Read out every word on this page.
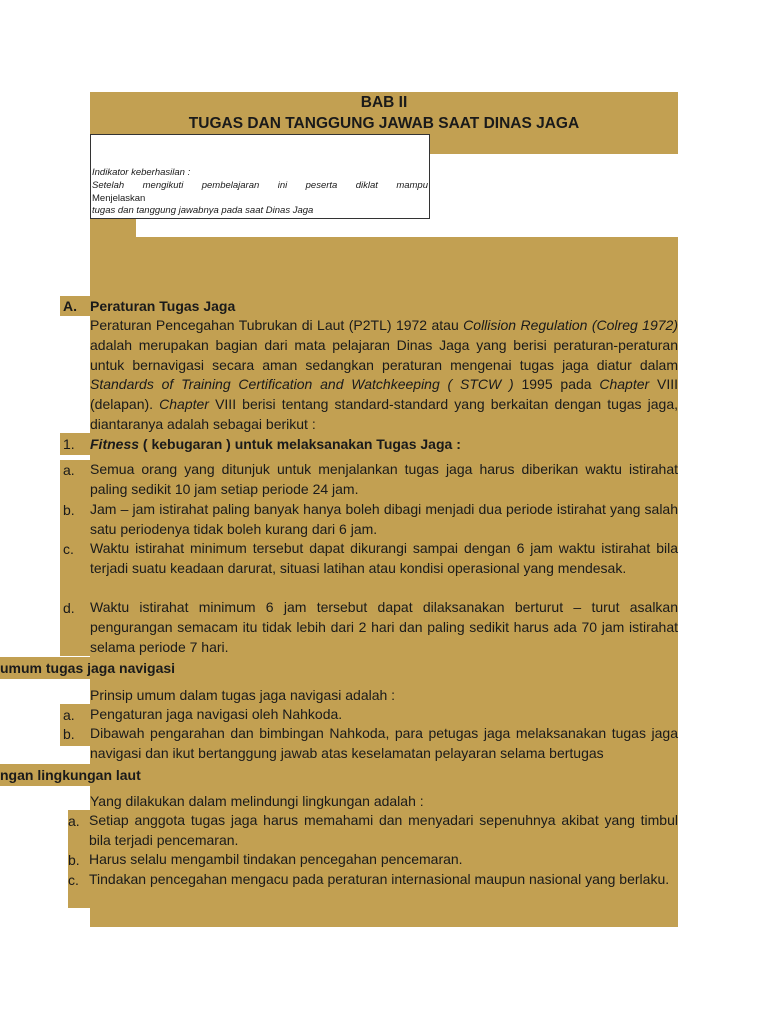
BAB II
TUGAS DAN TANGGUNG JAWAB SAAT DINAS JAGA
Indikator keberhasilan :
Setelah mengikuti pembelajaran ini peserta diklat mampu
Menjelaskan
tugas dan tanggung jawabnya pada saat Dinas Jaga
A. Peraturan Tugas Jaga
Peraturan Pencegahan Tubrukan di Laut (P2TL) 1972 atau Collision Regulation (Colreg 1972) adalah merupakan bagian dari mata pelajaran Dinas Jaga yang berisi peraturan-peraturan untuk bernavigasi secara aman sedangkan peraturan mengenai tugas jaga diatur dalam Standards of Training Certification and Watchkeeping ( STCW ) 1995 pada Chapter VIII (delapan). Chapter VIII berisi tentang standard-standard yang berkaitan dengan tugas jaga, diantaranya adalah sebagai berikut :
1. Fitness ( kebugaran ) untuk melaksanakan Tugas Jaga :
a. Semua orang yang ditunjuk untuk menjalankan tugas jaga harus diberikan waktu istirahat paling sedikit 10 jam setiap periode 24 jam.
b. Jam – jam istirahat paling banyak hanya boleh dibagi menjadi dua periode istirahat yang salah satu periodenya tidak boleh kurang dari 6 jam.
c. Waktu istirahat minimum tersebut dapat dikurangi sampai dengan 6 jam waktu istirahat bila terjadi suatu keadaan darurat, situasi latihan atau kondisi operasional yang mendesak.
d. Waktu istirahat minimum 6 jam tersebut dapat dilaksanakan berturut – turut asalkan pengurangan semacam itu tidak lebih dari 2 hari dan paling sedikit harus ada 70 jam istirahat selama periode 7 hari.
umum tugas jaga navigasi
Prinsip umum dalam tugas jaga navigasi adalah :
a. Pengaturan jaga navigasi oleh Nahkoda.
b. Dibawah pengarahan dan bimbingan Nahkoda, para petugas jaga melaksanakan tugas jaga navigasi dan ikut bertanggung jawab atas keselamatan pelayaran selama bertugas
ngan lingkungan laut
Yang dilakukan dalam melindungi lingkungan adalah :
a. Setiap anggota tugas jaga harus memahami dan menyadari sepenuhnya akibat yang timbul bila terjadi pencemaran.
b. Harus selalu mengambil tindakan pencegahan pencemaran.
c. Tindakan pencegahan mengacu pada peraturan internasional maupun nasional yang berlaku.
